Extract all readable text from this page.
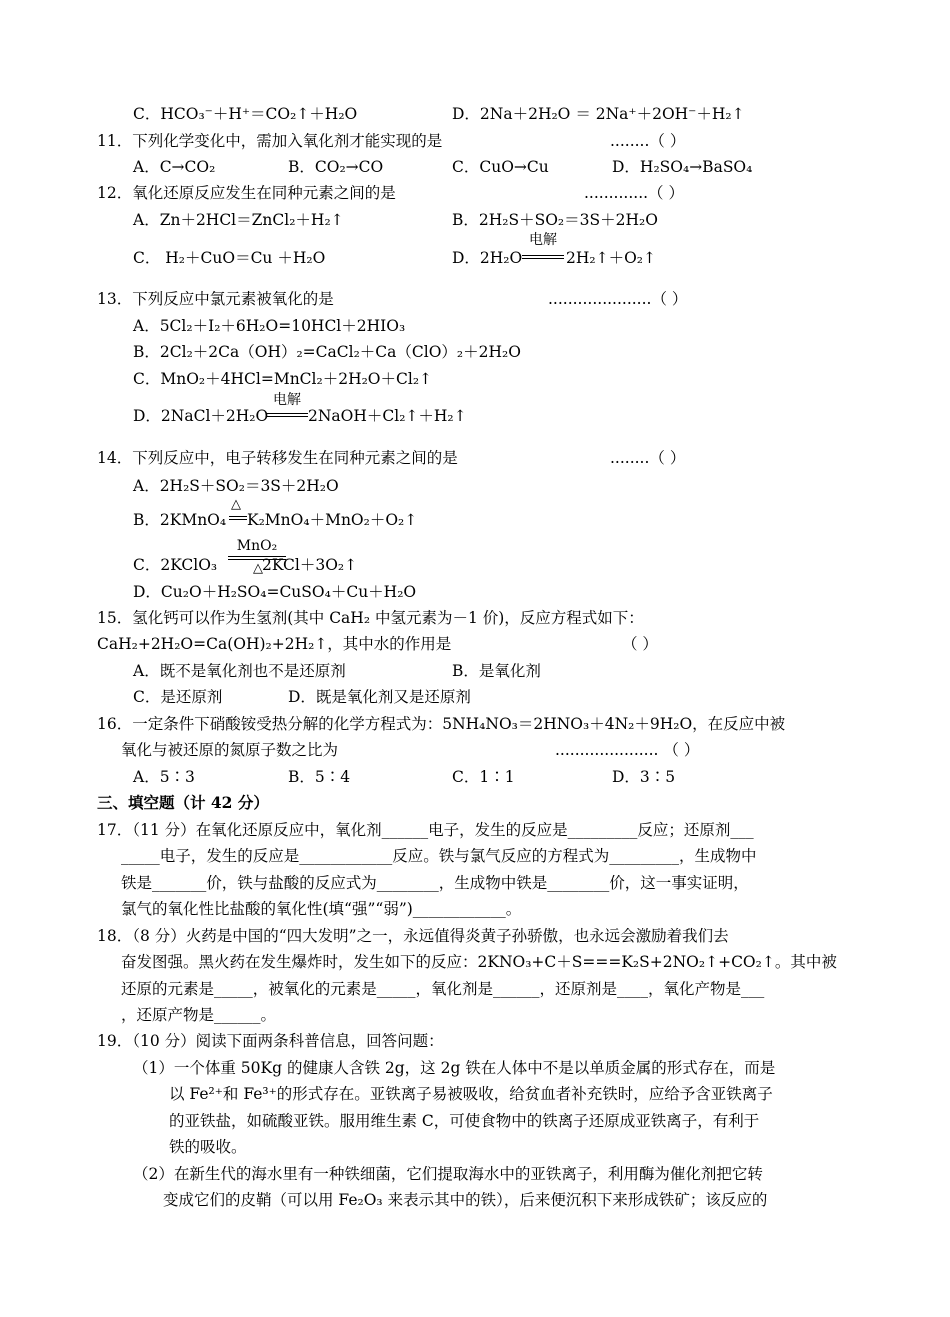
C．HCO₃⁻＋H⁺＝CO₂↑＋H₂O	D．2Na＋2H₂O ＝ 2Na⁺＋2OH⁻＋H₂↑
11．下列化学变化中，需加入氧化剂才能实现的是	........（ ）
A．C→CO₂	B．CO₂→CO	C．CuO→Cu	D．H₂SO₄→BaSO₄
12．氧化还原反应发生在同种元素之间的是	.............（ ）
A．Zn＋2HCl＝ZnCl₂＋H₂↑	B．2H₂S＋SO₂＝3S＋2H₂O
C． H₂＋CuO＝Cu ＋H₂O	D．2H₂O
电解
2H₂↑＋O₂↑
13．下列反应中氯元素被氧化的是	.....................（ ）
A．5Cl₂＋I₂＋6H₂O=10HCl＋2HIO₃
B．2Cl₂＋2Ca（OH）₂=CaCl₂＋Ca（ClO）₂＋2H₂O
C．MnO₂＋4HCl=MnCl₂＋2H₂O＋Cl₂↑
D．2NaCl＋2H₂O
电解
2NaOH＋Cl₂↑＋H₂↑
14．下列反应中，电子转移发生在同种元素之间的是	........（ ）
A．2H₂S＋SO₂＝3S＋2H₂O
B．2KMnO₄
△
K₂MnO₄＋MnO₂＋O₂↑
C．2KClO₃
MnO₂
△ 2KCl＋3O₂↑
D．Cu₂O＋H₂SO₄=CuSO₄＋Cu＋H₂O
15．氢化钙可以作为生氢剂(其中 CaH₂ 中氢元素为－1 价)，反应方程式如下：
CaH₂+2H₂O=Ca(OH)₂+2H₂↑，其中水的作用是	（ ）
A．既不是氧化剂也不是还原剂	B．是氧化剂
C．是还原剂	D．既是氧化剂又是还原剂
16．一定条件下硝酸铵受热分解的化学方程式为：5NH₄NO₃＝2HNO₃＋4N₂＋9H₂O，在反应中被
氧化与被还原的氮原子数之比为	..................... （ ）
A．5∶3	B．5∶4	C．1∶1	D．3∶5
三、填空题（计 42 分）
17．（11 分）在氧化还原反应中，氧化剂______电子，发生的反应是_________反应；还原剂___
_____电子，发生的反应是____________反应。铁与氯气反应的方程式为_________，生成物中
铁是_______价，铁与盐酸的反应式为________，生成物中铁是________价，这一事实证明，
氯气的氧化性比盐酸的氧化性(填“强”“弱”)____________。
18．（8 分）火药是中国的“四大发明”之一，永远值得炎黄子孙骄傲，也永远会激励着我们去
奋发图强。黑火药在发生爆炸时，发生如下的反应：2KNO₃+C＋S===K₂S+2NO₂↑+CO₂↑。其中被
还原的元素是_____，被氧化的元素是_____，氧化剂是______，还原剂是____，氧化产物是___
，还原产物是______。
19．（10 分）阅读下面两条科普信息，回答问题：
（1）一个体重 50Kg 的健康人含铁 2g，这 2g 铁在人体中不是以单质金属的形式存在，而是
以 Fe²⁺和 Fe³⁺的形式存在。亚铁离子易被吸收，给贫血者补充铁时，应给予含亚铁离子
的亚铁盐，如硫酸亚铁。服用维生素 C，可使食物中的铁离子还原成亚铁离子，有利于
铁的吸收。
（2）在新生代的海水里有一种铁细菌，它们提取海水中的亚铁离子，利用酶为催化剂把它转
变成它们的皮鞘（可以用 Fe₂O₃ 来表示其中的铁），后来便沉积下来形成铁矿；该反应的
